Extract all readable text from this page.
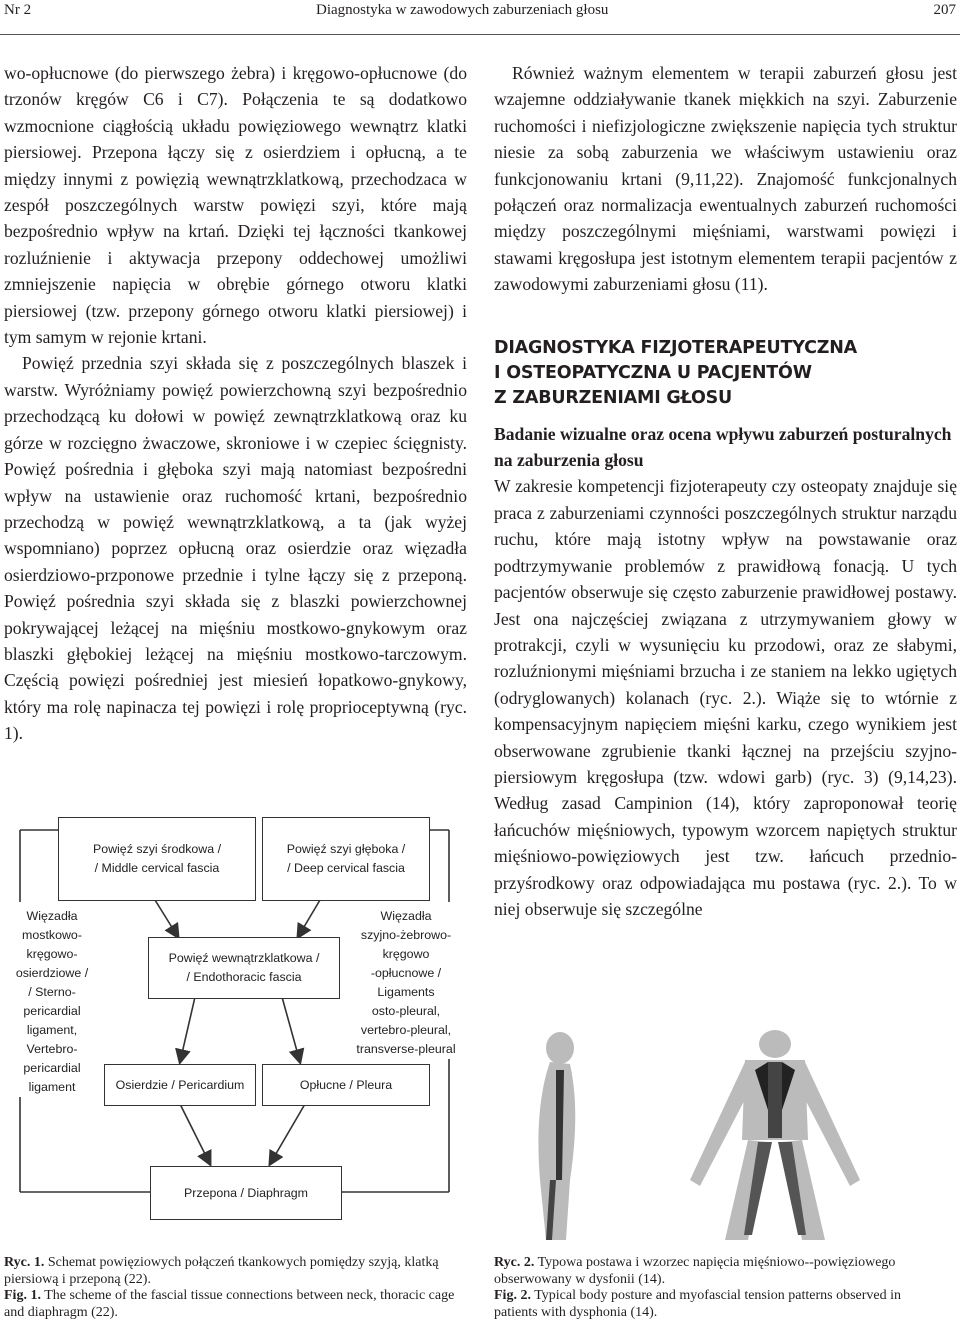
Nr 2	Diagnostyka w zawodowych zaburzeniach głosu	207

wo-opłucnowe (do pierwszego żebra) i kręgowo-opłucnowe (do trzonów kręgów C6 i C7). Połączenia te są dodatkowo wzmocnione ciągłością układu powięziowego wewnątrz klatki piersiowej. Przepona łączy się z osierdziem i opłucną, a te między innymi z powięzią wewnątrzklatkową, przechodzaca w zespół poszczególnych warstw powięzi szyi, które mają bezpośrednio wpływ na krtań. Dzięki tej łączności tkankowej rozluźnienie i aktywacja przepony oddechowej umożliwi zmniejszenie napięcia w obrębie górnego otworu klatki piersiowej (tzw. przepony górnego otworu klatki piersiowej) i tym samym w rejonie krtani.

Powięź przednia szyi składa się z poszczególnych blaszek i warstw. Wyróżniamy powięź powierzchowną szyi bezpośrednio przechodzącą ku dołowi w powięź zewnątrzklatkową oraz ku górze w rozcięgno żwaczowe, skroniowe i w czepiec ścięgnisty. Powięź pośrednia i głęboka szyi mają natomiast bezpośredni wpływ na ustawienie oraz ruchomość krtani, bezpośrednio przechodzą w powięź wewnątrzklatkową, a ta (jak wyżej wspomniano) poprzez opłucną oraz osierdzie oraz więzadła osierdziowo-przponowe przednie i tylne łączy się z przeponą. Powięź pośrednia szyi składa się z blaszki powierzchownej pokrywającej leżącej na mięśniu mostkowo-gnykowym oraz blaszki głębokiej leżącej na mięśniu mostkowo-tarczowym. Częścią powięzi pośredniej jest miesień łopatkowo-gnykowy, który ma rolę napinacza tej powięzi i rolę proprioceptywną (ryc. 1).

Również ważnym elementem w terapii zaburzeń głosu jest wzajemne oddziaływanie tkanek miękkich na szyi. Zaburzenie ruchomości i niefizjologiczne zwiększenie napięcia tych struktur niesie za sobą zaburzenia we właściwym ustawieniu oraz funkcjonowaniu krtani (9,11,22). Znajomość funkcjonalnych połączeń oraz normalizacja ewentualnych zaburzeń ruchomości między poszczególnymi mięśniami, warstwami powięzi i stawami kręgosłupa jest istotnym elementem terapii pacjentów z zawodowymi zaburzeniami głosu (11).

DIAGNOSTYKA FIZJOTERAPEUTYCZNA
I OSTEOPATYCZNA U PACJENTÓW
Z ZABURZENIAMI GŁOSU

Badanie wizualne oraz ocena wpływu zaburzeń posturalnych na zaburzenia głosu

W zakresie kompetencji fizjoterapeuty czy osteopaty znajduje się praca z zaburzeniami czynności poszczególnych struktur narządu ruchu, które mają istotny wpływ na powstawanie oraz podtrzymywanie problemów z prawidłową fonacją. U tych pacjentów obserwuje się często zaburzenie prawidłowej postawy. Jest ona najczęściej związana z utrzymywaniem głowy w protrakcji, czyli w wysunięciu ku przodowi, oraz ze słabymi, rozluźnionymi mięśniami brzucha i ze staniem na lekko ugiętych (odryglowanych) kolanach (ryc. 2.). Wiąże się to wtórnie z kompensacyjnym napięciem mięśni karku, czego wynikiem jest obserwowane zgrubienie tkanki łącznej na przejściu szyjno-piersiowym kręgosłupa (tzw. wdowi garb) (ryc. 3) (9,14,23). Według zasad Campinion (14), który zaproponował teorię łańcuchów mięśniowych, typowym wzorcem napiętych struktur mięśniowo-powięziowych jest tzw. łańcuch przednio-przyśrodkowy oraz odpowiadająca mu postawa (ryc. 2.). To w niej obserwuje się szczególne

Powięź szyi środkowa /
/ Middle cervical fascia
Powięź szyi głęboka /
/ Deep cervical fascia
Powięź wewnątrzklatkowa /
/ Endothoracic fascia
Więzadła
mostkowo-kręgowo-
osierdziowe /
/ Sterno-pericardial
ligament,
Vertebro-pericardial
ligament
Więzadła
szyjno-żebrowo-kręgowo
-opłucnowe / Ligaments
osto-pleural,
vertebro-pleural,
transverse-pleural
Osierdzie / Pericardium	Opłucne / Pleura
Przepona / Diaphragm
Ryc. 1. Schemat powięziowych połączeń tkankowych pomiędzy szyją, klatką piersiową i przeponą (22).
Fig. 1. The scheme of the fascial tissue connections between neck, thoracic cage and diaphragm (22).
Ryc. 2. Typowa postawa i wzorzec napięcia mięśniowo--powięziowego obserwowany w dysfonii (14).
Fig. 2. Typical body posture and myofascial tension patterns observed in patients with dysphonia (14).
